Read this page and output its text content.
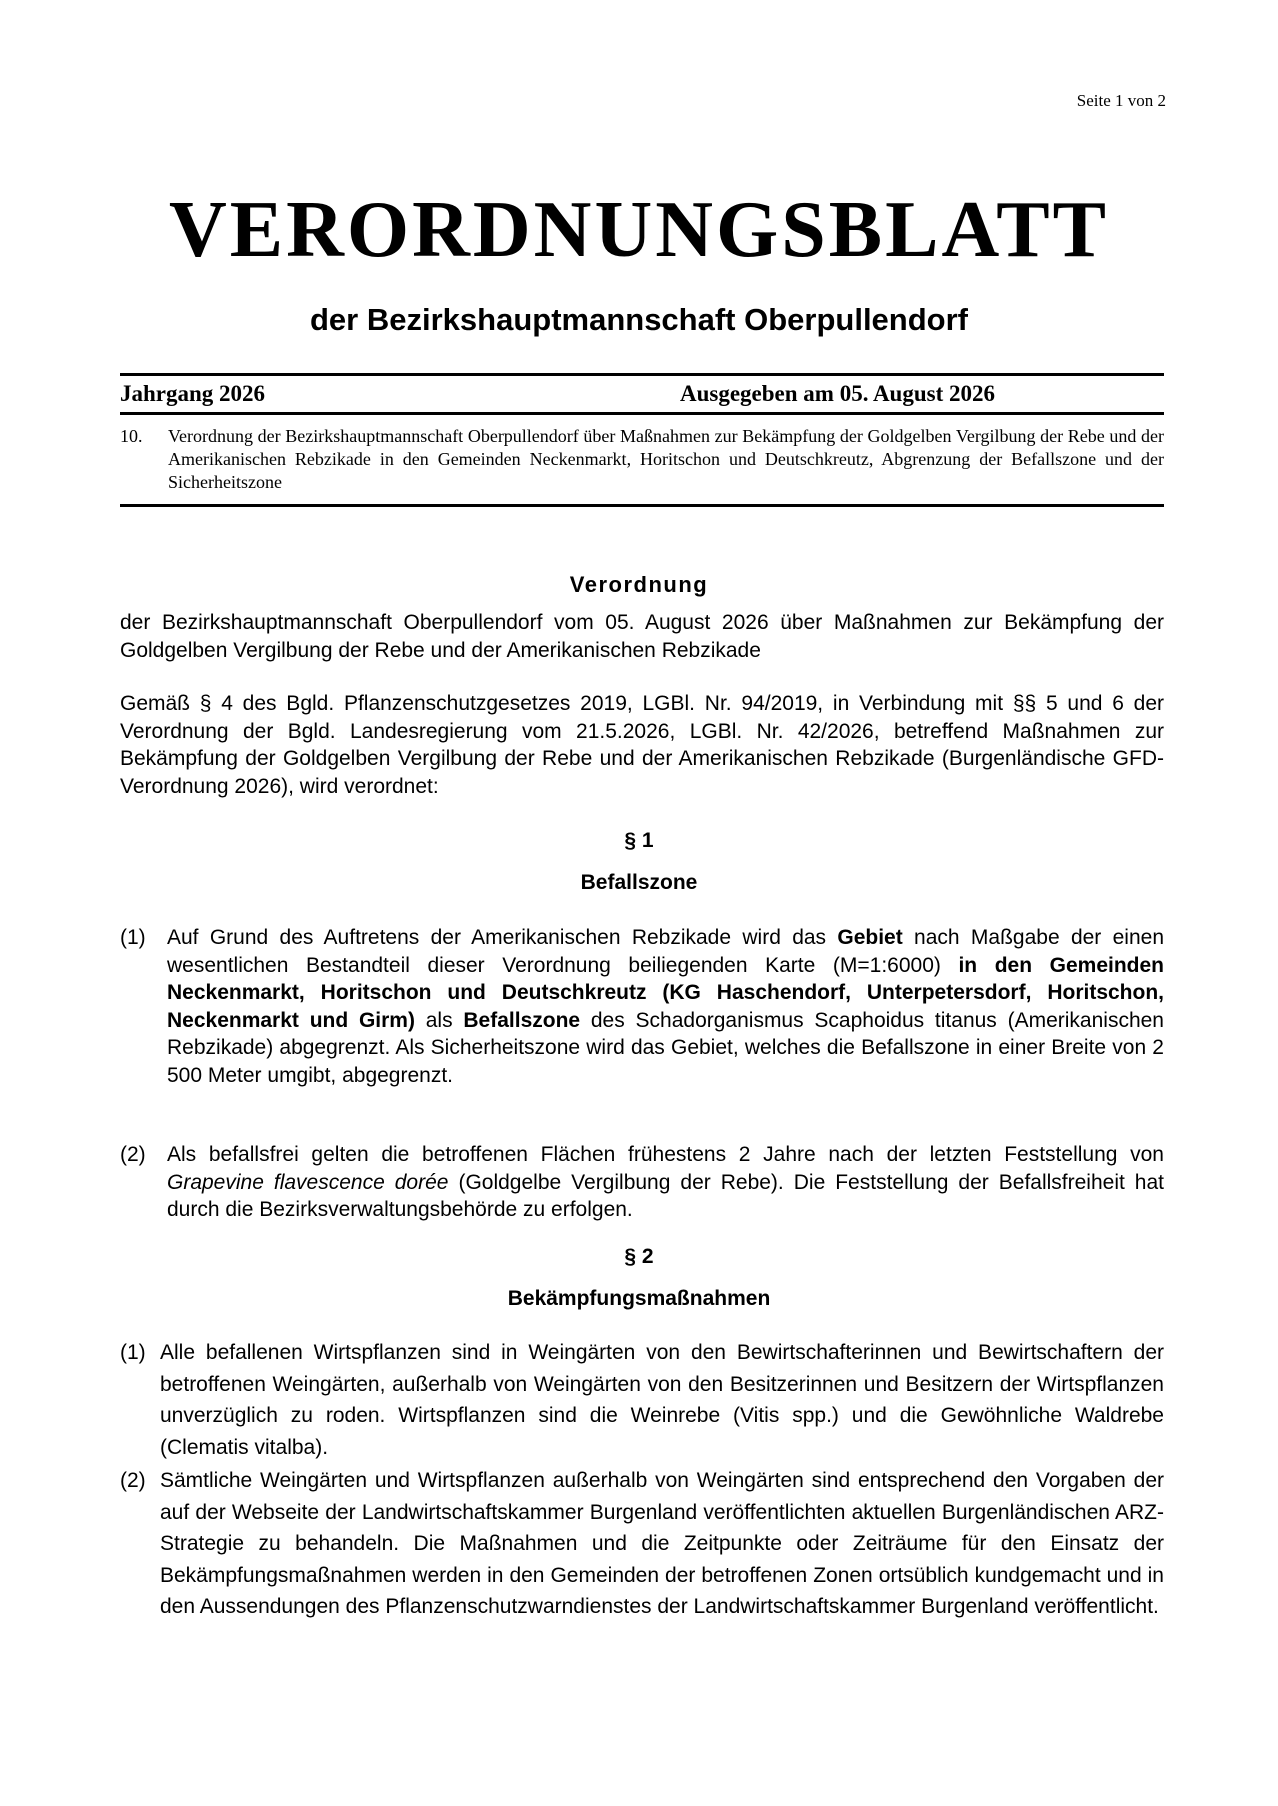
Seite 1 von 2
VERORDNUNGSBLATT
der Bezirkshauptmannschaft Oberpullendorf
Jahrgang 2026	Ausgegeben am 05. August 2026
10. Verordnung der Bezirkshauptmannschaft Oberpullendorf über Maßnahmen zur Bekämpfung der Goldgelben Vergilbung der Rebe und der Amerikanischen Rebzikade in den Gemeinden Neckenmarkt, Horitschon und Deutschkreutz, Abgrenzung der Befallszone und der Sicherheitszone
Verordnung

der Bezirkshauptmannschaft Oberpullendorf vom 05. August 2026 über Maßnahmen zur Bekämpfung der Goldgelben Vergilbung der Rebe und der Amerikanischen Rebzikade

Gemäß § 4 des Bgld. Pflanzenschutzgesetzes 2019, LGBl. Nr. 94/2019, in Verbindung mit §§ 5 und 6 der Verordnung der Bgld. Landesregierung vom 21.5.2026, LGBl. Nr. 42/2026, betreffend Maßnahmen zur Bekämpfung der Goldgelben Vergilbung der Rebe und der Amerikanischen Rebzikade (Burgenländische GFD-Verordnung 2026), wird verordnet:

§ 1
Befallszone
(1) Auf Grund des Auftretens der Amerikanischen Rebzikade wird das Gebiet nach Maßgabe der einen wesentlichen Bestandteil dieser Verordnung beiliegenden Karte (M=1:6000) in den Gemeinden Neckenmarkt, Horitschon und Deutschkreutz (KG Haschendorf, Unterpetersdorf, Horitschon, Neckenmarkt und Girm) als Befallszone des Schadorganismus Scaphoidus titanus (Amerikanischen Rebzikade) abgegrenzt. Als Sicherheitszone wird das Gebiet, welches die Befallszone in einer Breite von 2 500 Meter umgibt, abgegrenzt.
(2) Als befallsfrei gelten die betroffenen Flächen frühestens 2 Jahre nach der letzten Feststellung von Grapevine flavescence dorée (Goldgelbe Vergilbung der Rebe). Die Feststellung der Befallsfreiheit hat durch die Bezirksverwaltungsbehörde zu erfolgen.
§ 2
Bekämpfungsmaßnahmen
(1) Alle befallenen Wirtspflanzen sind in Weingärten von den Bewirtschafterinnen und Bewirtschaftern der betroffenen Weingärten, außerhalb von Weingärten von den Besitzerinnen und Besitzern der Wirtspflanzen unverzüglich zu roden. Wirtspflanzen sind die Weinrebe (Vitis spp.) und die Gewöhnliche Waldrebe (Clematis vitalba).
(2) Sämtliche Weingärten und Wirtspflanzen außerhalb von Weingärten sind entsprechend den Vorgaben der auf der Webseite der Landwirtschaftskammer Burgenland veröffentlichten aktuellen Burgenländischen ARZ-Strategie zu behandeln. Die Maßnahmen und die Zeitpunkte oder Zeiträume für den Einsatz der Bekämpfungsmaßnahmen werden in den Gemeinden der betroffenen Zonen ortsüblich kundgemacht und in den Aussendungen des Pflanzenschutzwarndienstes der Landwirtschaftskammer Burgenland veröffentlicht.
